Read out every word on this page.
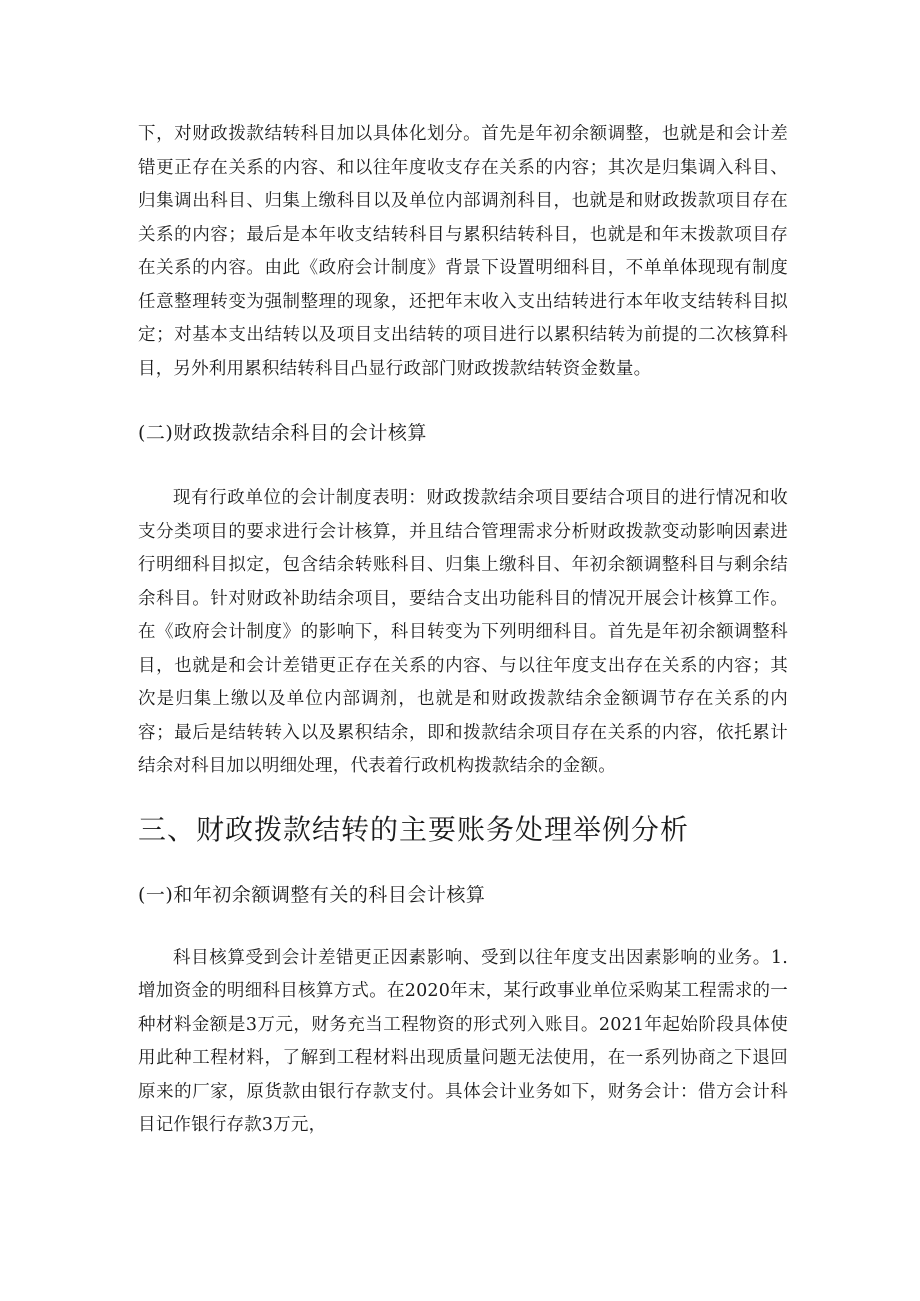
下，对财政拨款结转科目加以具体化划分。首先是年初余额调整，也就是和会计差错更正存在关系的内容、和以往年度收支存在关系的内容；其次是归集调入科目、归集调出科目、归集上缴科目以及单位内部调剂科目，也就是和财政拨款项目存在关系的内容；最后是本年收支结转科目与累积结转科目，也就是和年末拨款项目存在关系的内容。由此《政府会计制度》背景下设置明细科目，不单单体现现有制度任意整理转变为强制整理的现象，还把年末收入支出结转进行本年收支结转科目拟定；对基本支出结转以及项目支出结转的项目进行以累积结转为前提的二次核算科目，另外利用累积结转科目凸显行政部门财政拨款结转资金数量。

(二)财政拨款结余科目的会计核算

现有行政单位的会计制度表明：财政拨款结余项目要结合项目的进行情况和收支分类项目的要求进行会计核算，并且结合管理需求分析财政拨款变动影响因素进行明细科目拟定，包含结余转账科目、归集上缴科目、年初余额调整科目与剩余结余科目。针对财政补助结余项目，要结合支出功能科目的情况开展会计核算工作。在《政府会计制度》的影响下，科目转变为下列明细科目。首先是年初余额调整科目，也就是和会计差错更正存在关系的内容、与以往年度支出存在关系的内容；其次是归集上缴以及单位内部调剂，也就是和财政拨款结余金额调节存在关系的内容；最后是结转转入以及累积结余，即和拨款结余项目存在关系的内容，依托累计结余对科目加以明细处理，代表着行政机构拨款结余的金额。

三、财政拨款结转的主要账务处理举例分析
(一)和年初余额调整有关的科目会计核算

科目核算受到会计差错更正因素影响、受到以往年度支出因素影响的业务。1. 增加资金的明细科目核算方式。在2020年末，某行政事业单位采购某工程需求的一种材料金额是3万元，财务充当工程物资的形式列入账目。2021年起始阶段具体使用此种工程材料，了解到工程材料出现质量问题无法使用，在一系列协商之下退回原来的厂家，原货款由银行存款支付。具体会计业务如下，财务会计：借方会计科目记作银行存款3万元，
